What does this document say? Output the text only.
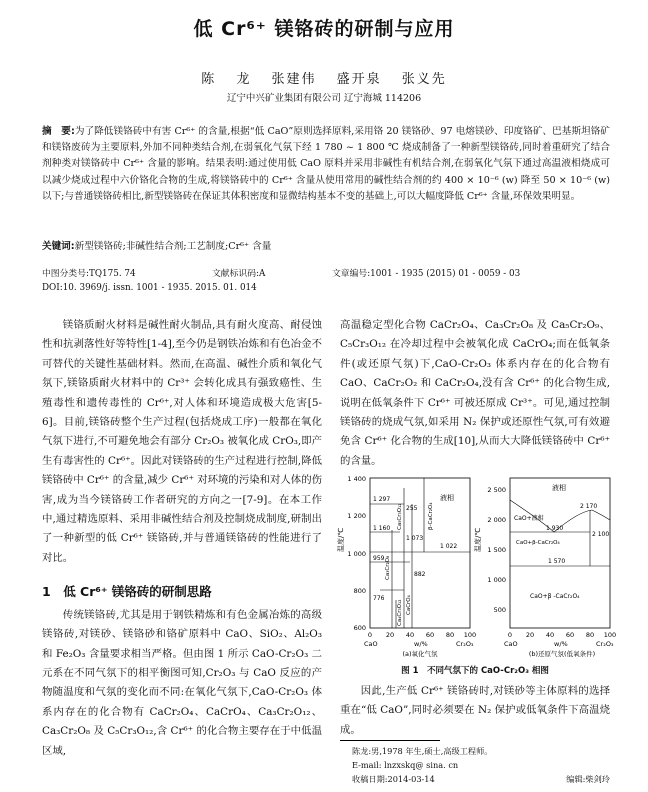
低 Cr⁶⁺ 镁铬砖的研制与应用
陈 龙 张建伟 盛开泉 张义先
辽宁中兴矿业集团有限公司 辽宁海城 114206
摘　要:为了降低镁铬砖中有害 Cr⁶⁺ 的含量,根据“低 CaO”原则选择原料,采用铬 20 镁铬砂、97 电熔镁砂、印度铬矿、巴基斯坦铬矿和镁铬废砖为主要原料,外加不同种类结合剂,在弱氧化气氛下经 1 780 ~ 1 800 ℃ 烧成制备了一种新型镁铬砖,同时着重研究了结合剂种类对镁铬砖中 Cr⁶⁺ 含量的影响。结果表明:通过使用低 CaO 原料并采用非碱性有机结合剂,在弱氧化气氛下通过高温液相烧成可以减少烧成过程中六价铬化合物的生成,将镁铬砖中的 Cr⁶⁺ 含量从使用常用的碱性结合剂的约 400 × 10⁻⁶ (w) 降至 50 × 10⁻⁶ (w) 以下;与普通镁铬砖相比,新型镁铬砖在保证其体积密度和显微结构基本不变的基础上,可以大幅度降低 Cr⁶⁺ 含量,环保效果明显。
关键词:新型镁铬砖;非碱性结合剂;工艺制度;Cr⁶⁺ 含量
中图分类号:TQ175. 74	文献标识码:A	文章编号:1001 - 1935 (2015) 01 - 0059 - 03
DOI:10. 3969/j. issn. 1001 - 1935. 2015. 01. 014

镁铬质耐火材料是碱性耐火制品,具有耐火度高、耐侵蚀性和抗剥落性好等特性[1-4],至今仍是钢铁冶炼和有色冶金不可替代的关键性基础材料。然而,在高温、碱性介质和氧化气氛下,镁铬质耐火材料中的 Cr³⁺ 会转化成具有强致癌性、生殖毒性和遗传毒性的 Cr⁶⁺,对人体和环境造成极大危害[5-6]。目前,镁铬砖整个生产过程(包括烧成工序)一般都在氧化气氛下进行,不可避免地会有部分 Cr₂O₃ 被氧化成 CrO₃,即产生有毒害性的 Cr⁶⁺。因此对镁铬砖的生产过程进行控制,降低镁铬砖中 Cr⁶⁺ 的含量,减少 Cr⁶⁺ 对环境的污染和对人体的伤害,成为当今镁铬砖工作者研究的方向之一[7-9]。在本工作中,通过精选原料、采用非碱性结合剂及控制烧成制度,研制出了一种新型的低 Cr⁶⁺ 镁铬砖,并与普通镁铬砖的性能进行了对比。

1　低 Cr⁶⁺ 镁铬砖的研制思路

传统镁铬砖,尤其是用于钢铁精炼和有色金属冶炼的高级镁铬砖,对镁砂、镁铬砂和铬矿原料中 CaO、SiO₂、Al₂O₃ 和 Fe₂O₃ 含量要求相当严格。但由图 1 所示 CaO-Cr₂O₃ 二元系在不同气氛下的相平衡图可知,Cr₂O₃ 与 CaO 反应的产物随温度和气氛的变化而不同:在氧化气氛下,CaO-Cr₂O₃ 体系内存在的化合物有 CaCr₂O₄、CaCrO₄、Ca₃Cr₂O₁₂、Ca₃Cr₂O₈ 及 C₅Cr₃O₁₂,含 Cr⁶⁺ 的化合物主要存在于中低温区域,

高温稳定型化合物 CaCr₂O₄、Ca₃Cr₂O₈ 及 Ca₅Cr₂O₉、C₅Cr₃O₁₂ 在冷却过程中会被氧化成 CaCrO₄;而在低氧条件(或还原气氛)下,CaO-Cr₂O₃ 体系内存在的化合物有 CaO、CaCr₂O₂ 和 CaCr₂O₄,没有含 Cr⁶⁺ 的化合物生成,说明在低氧条件下 Cr⁶⁺ 可被还原成 Cr³⁺。可见,通过控制镁铬砖的烧成气氛,如采用 N₂ 保护或还原性气氛,可有效避免含 Cr⁶⁺ 化合物的生成[10],从而大大降低镁铬砖中 Cr⁶⁺ 的含量。

温度/℃
1 400
1 200
1 000
800
600
1 297
1 160
959
1 073
1 022
882
776
255
液相
β-CaCr₂O₄
CaCrO₄
Ca₃Cr₂O₈
Ca₅Cr₃O₁₂
Ca₄Cr₃O₁₂
0 20 40 60 80 100
CaO	w/%	Cr₂O₃
(a)氧化气氛
温度/℃
2 500
2 000
1 500
1 000
500
液相
CaO+液相
1 930
2 170
CaO+β-CaCr₂O₄
2 100
1 570
CaO+β -CaCr₂O₄
0 20 40 60 80 100
CaO	w/%	Cr₂O₃
(b)还原气氛(低氧条件)
图 1　不同气氛下的 CaO-Cr₂O₃ 相图

因此,生产低 Cr⁶⁺ 镁铬砖时,对镁砂等主体原料的选择重在“低 CaO”,同时必须要在 N₂ 保护或低氧条件下高温烧成。

陈龙:男,1978 年生,硕士,高级工程师。
E-mail: lnzxskq@ sina. cn
收稿日期:2014-03-14	编辑:柴剑玲
